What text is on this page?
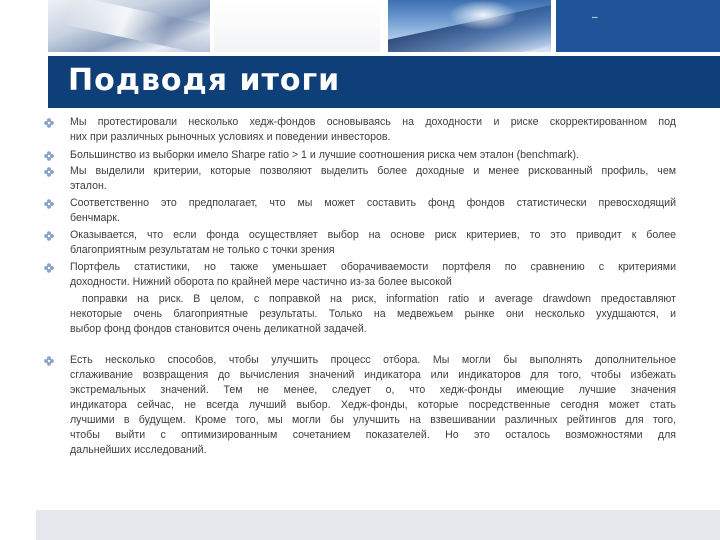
–
Подводя итоги

Мы протестировали несколько хедж-фондов основываясь на доходности и риске скорректированном под

них при различных рыночных условиях и поведении инвесторов.

Большинство из выборки имело Sharpe ratio > 1 и лучшие соотношения риска чем эталон (benchmark).

Мы выделили критерии, которые позволяют выделить более доходные и менее рискованный профиль, чем

эталон.

Соответственно это предполагает, что мы может составить фонд фондов статистически превосходящий

бенчмарк.

Оказывается, что если фонда осуществляет выбор на основе риск критериев, то это приводит к более

благоприятным результатам не только с точки зрения

Портфель статистики, но также уменьшает оборачиваемости портфеля по сравнению с критериями

доходности. Нижний оборота по крайней мере частично из-за более высокой

поправки на риск. В целом, с поправкой на риск, information ratio и average drawdown предоставляют

некоторые очень благоприятные результаты. Только на медвежьем рынке они несколько ухудшаются, и

выбор фонд фондов становится очень деликатной задачей.

Есть несколько способов, чтобы улучшить процесс отбора. Мы могли бы выполнять дополнительное

сглаживание возвращения до вычисления значений индикатора или индикаторов для того, чтобы избежать

экстремальных значений. Тем не менее, следует о, что хедж-фонды имеющие лучшие значения

индикатора сейчас, не всегда лучший выбор. Хедж-фонды, которые посредственные сегодня может стать

лучшими в будущем. Кроме того, мы могли бы улучшить на взвешивании различных рейтингов для того,

чтобы выйти с оптимизированным сочетанием показателей. Но это осталось возможностями для

дальнейших исследований.
